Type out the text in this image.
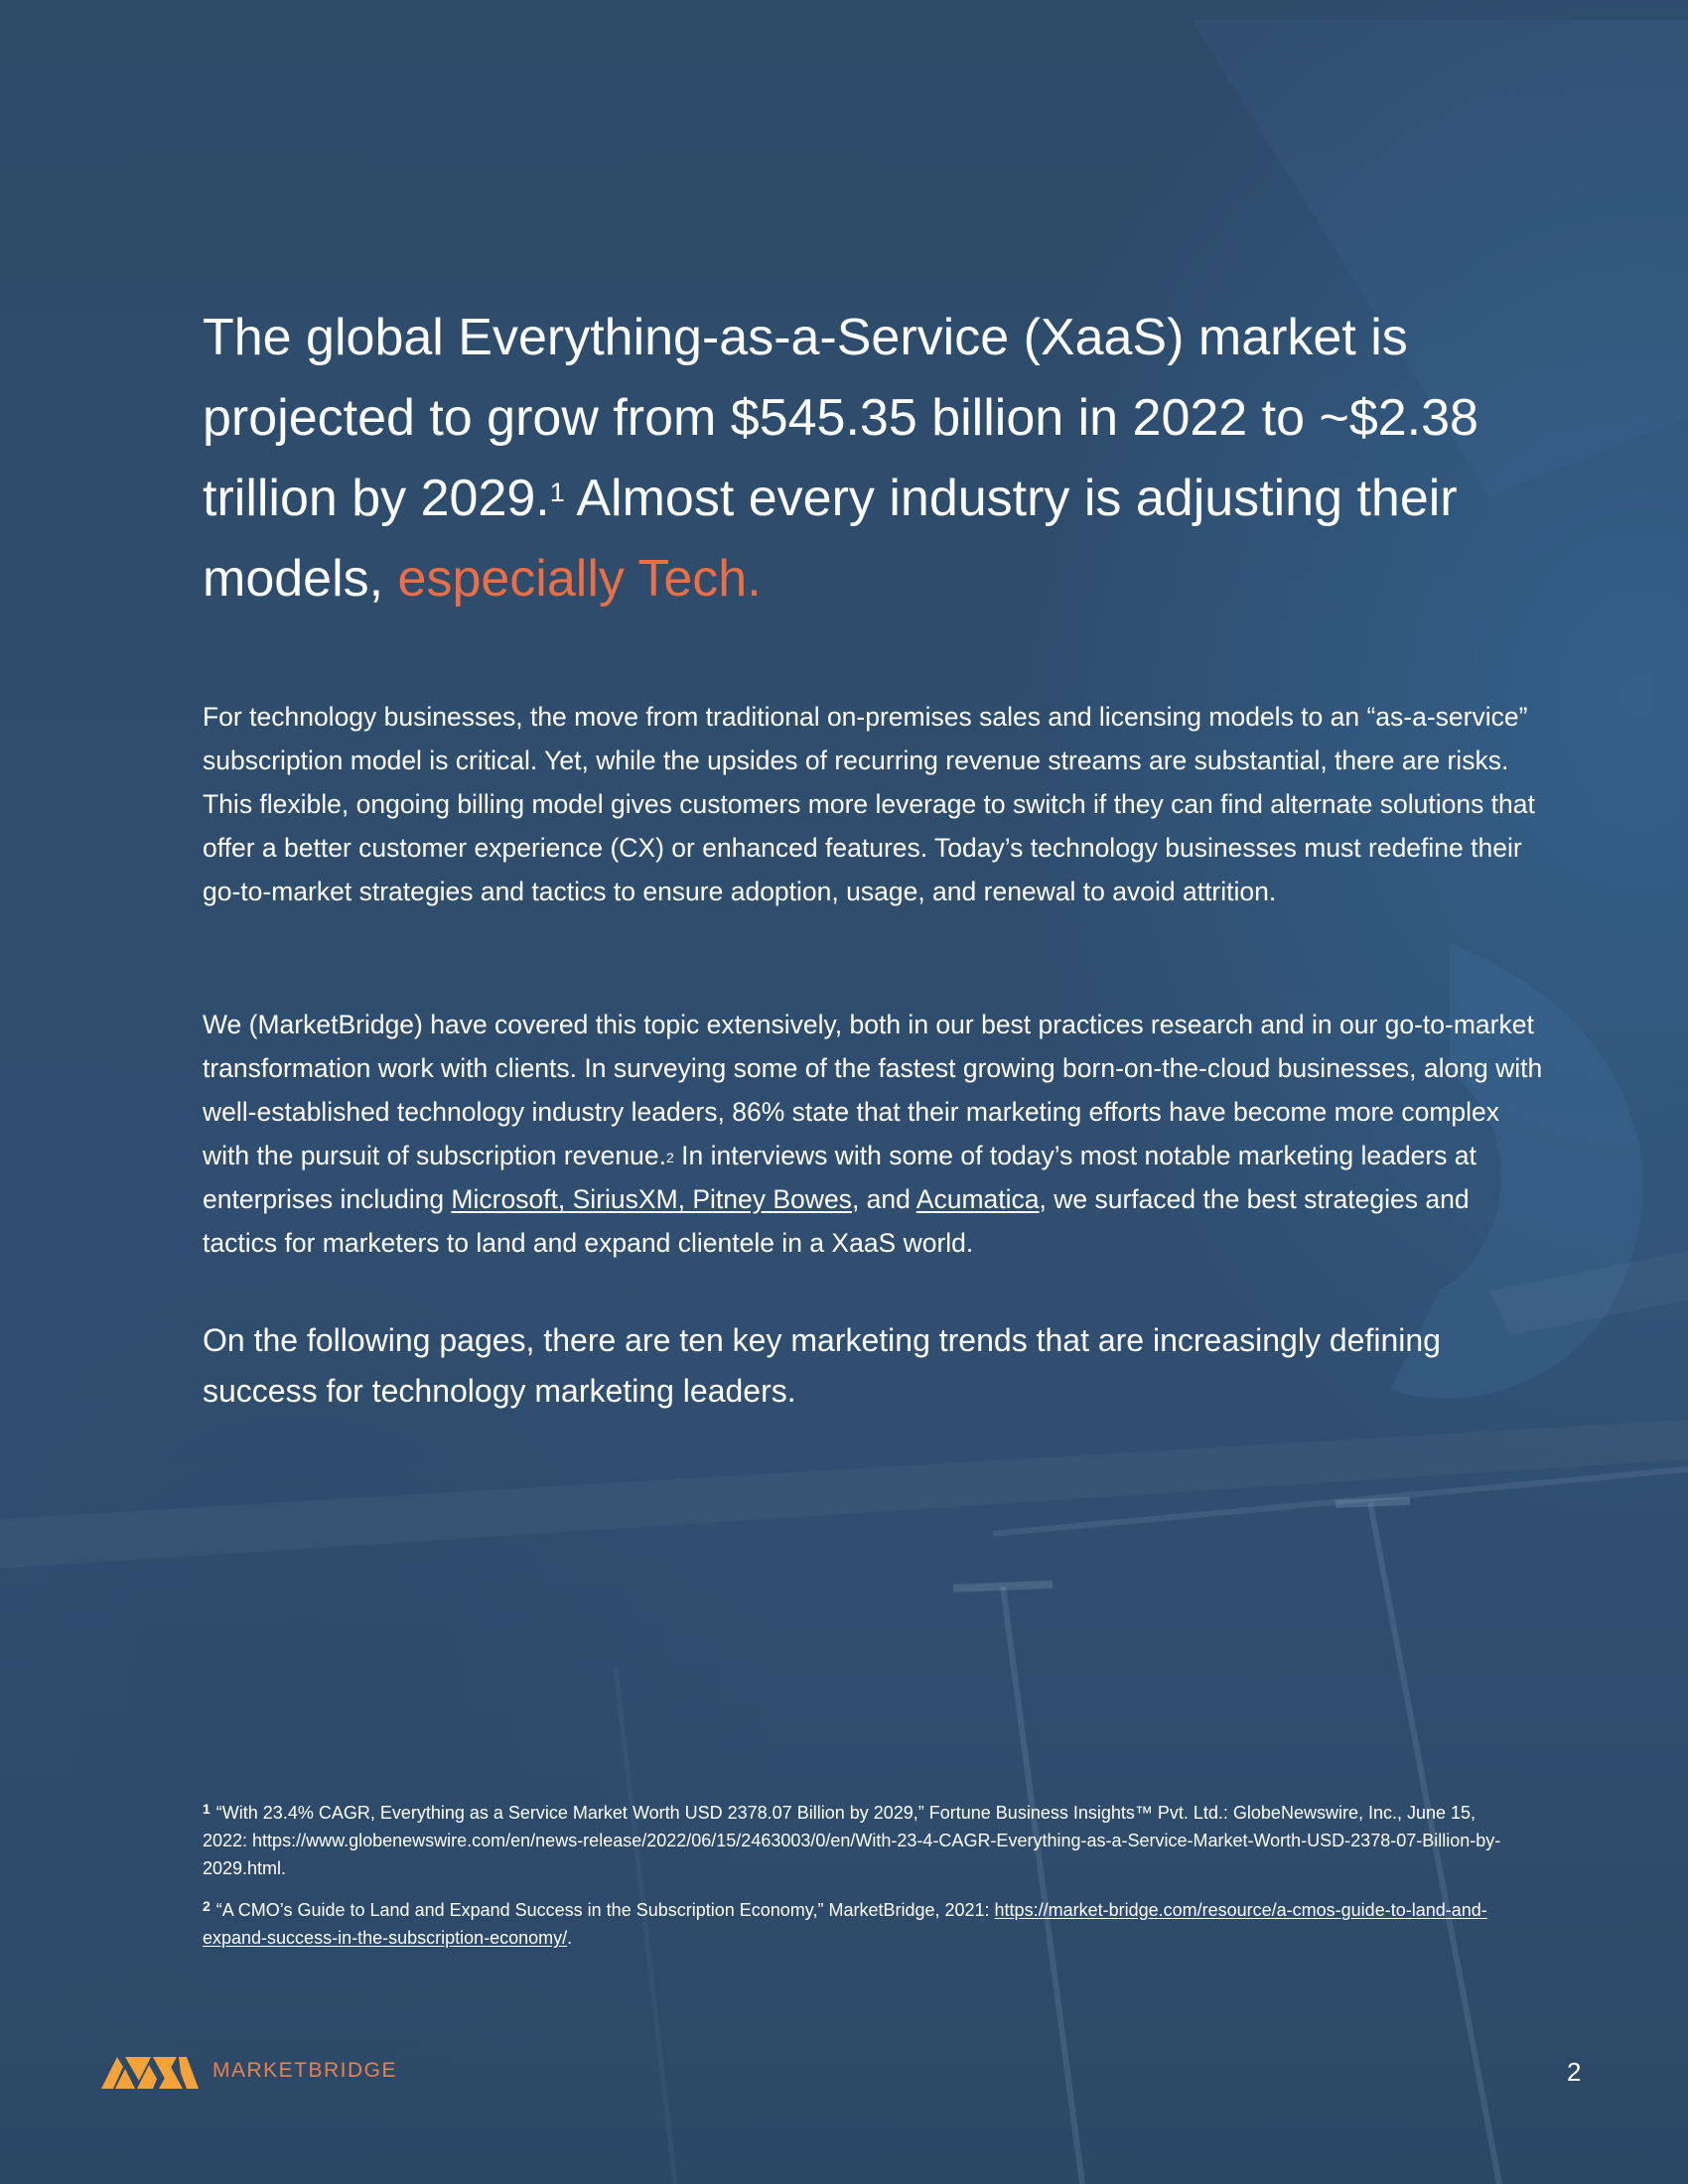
The global Everything-as-a-Service (XaaS) market is projected to grow from $545.35 billion in 2022 to ~$2.38 trillion by 2029.$^1$ Almost every industry is adjusting their models, especially Tech.

For technology businesses, the move from traditional on-premises sales and licensing models to an “as-a-service” subscription model is critical. Yet, while the upsides of recurring revenue streams are substantial, there are risks. This flexible, ongoing billing model gives customers more leverage to switch if they can find alternate solutions that offer a better customer experience (CX) or enhanced features. Today’s technology businesses must redefine their go-to-market strategies and tactics to ensure adoption, usage, and renewal to avoid attrition.

We (MarketBridge) have covered this topic extensively, both in our best practices research and in our go-to-market transformation work with clients. In surveying some of the fastest growing born-on-the-cloud businesses, along with well-established technology industry leaders, 86% state that their marketing efforts have become more complex with the pursuit of subscription revenue.$^2$ In interviews with some of today’s most notable marketing leaders at enterprises including Microsoft, SiriusXM, Pitney Bowes, and Acumatica, we surfaced the best strategies and tactics for marketers to land and expand clientele in a XaaS world.

On the following pages, there are ten key marketing trends that are increasingly defining success for technology marketing leaders.

$^1$ “With 23.4% CAGR, Everything as a Service Market Worth USD 2378.07 Billion by 2029,” Fortune Business Insights™ Pvt. Ltd.: GlobeNewswire, Inc., June 15, 2022: https://www.globenewswire.com/en/news-release/2022/06/15/2463003/0/en/With-23-4-CAGR-Everything-as-a-Service-Market-Worth-USD-2378-07-Billion-by-2029.html.

$^2$ “A CMO’s Guide to Land and Expand Success in the Subscription Economy,” MarketBridge, 2021: https://market-bridge.com/resource/a-cmos-guide-to-land-and-expand-success-in-the-subscription-economy/.

MARKETBRIDGE	2
